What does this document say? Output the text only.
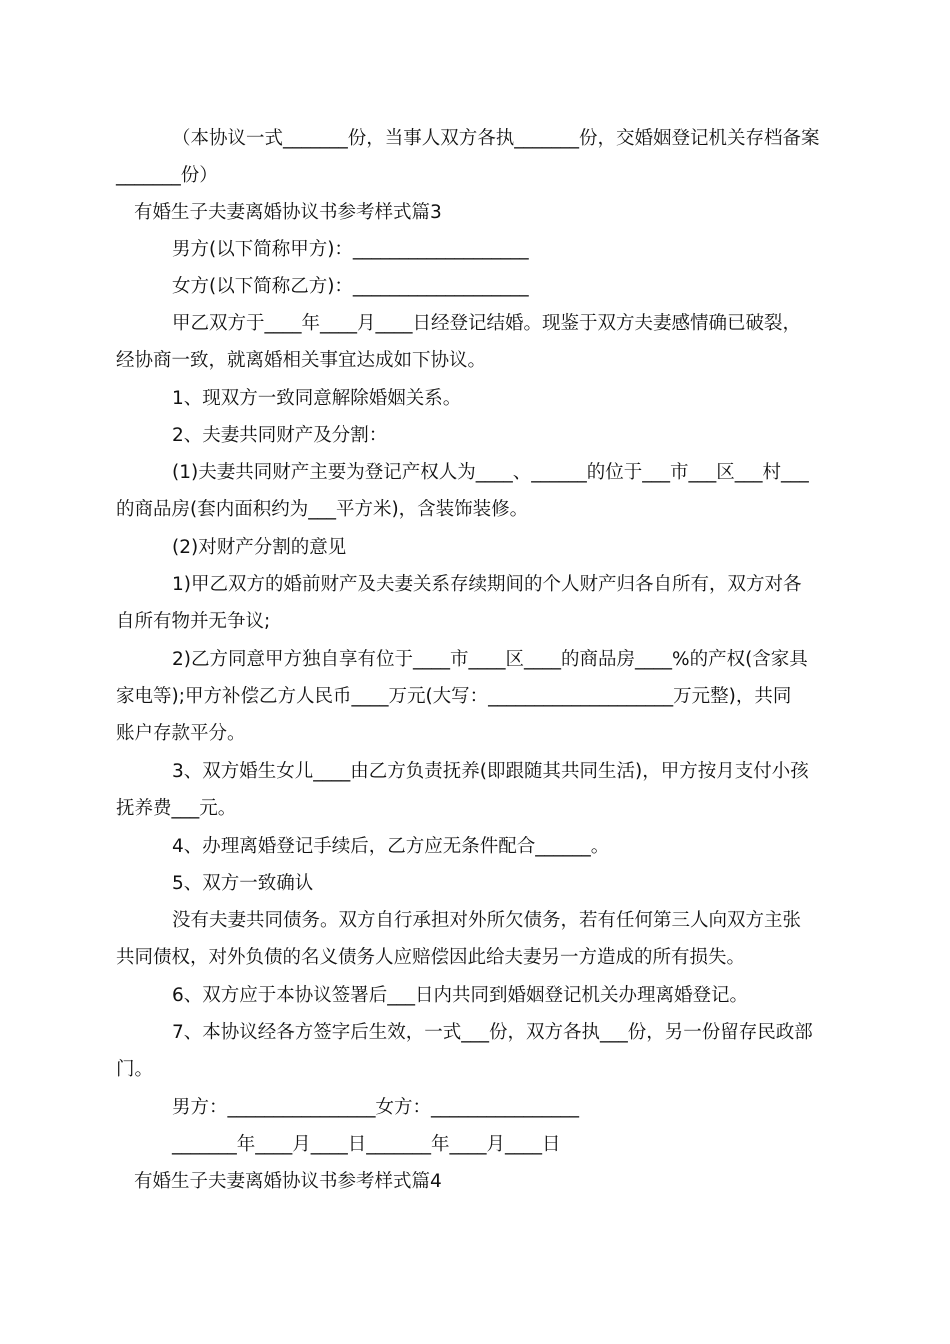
（本协议一式_______份，当事人双方各执_______份，交婚姻登记机关存档备案
_______份）
有婚生子夫妻离婚协议书参考样式篇3
男方(以下简称甲方)：___________________
女方(以下简称乙方)：___________________
甲乙双方于____年____月____日经登记结婚。现鉴于双方夫妻感情确已破裂，
经协商一致，就离婚相关事宜达成如下协议。
1、现双方一致同意解除婚姻关系。
2、夫妻共同财产及分割：
(1)夫妻共同财产主要为登记产权人为____、______的位于___市___区___村___
的商品房(套内面积约为___平方米)，含装饰装修。
(2)对财产分割的意见
1)甲乙双方的婚前财产及夫妻关系存续期间的个人财产归各自所有，双方对各
自所有物并无争议;
2)乙方同意甲方独自享有位于____市____区____的商品房____%的产权(含家具
家电等);甲方补偿乙方人民币____万元(大写：____________________万元整)，共同
账户存款平分。
3、双方婚生女儿____由乙方负责抚养(即跟随其共同生活)，甲方按月支付小孩
抚养费___元。
4、办理离婚登记手续后，乙方应无条件配合______。
5、双方一致确认
没有夫妻共同债务。双方自行承担对外所欠债务，若有任何第三人向双方主张
共同债权，对外负债的名义债务人应赔偿因此给夫妻另一方造成的所有损失。
6、双方应于本协议签署后___日内共同到婚姻登记机关办理离婚登记。
7、本协议经各方签字后生效，一式___份，双方各执___份，另一份留存民政部
门。
男方：________________女方：________________
_______年____月____日_______年____月____日
有婚生子夫妻离婚协议书参考样式篇4
